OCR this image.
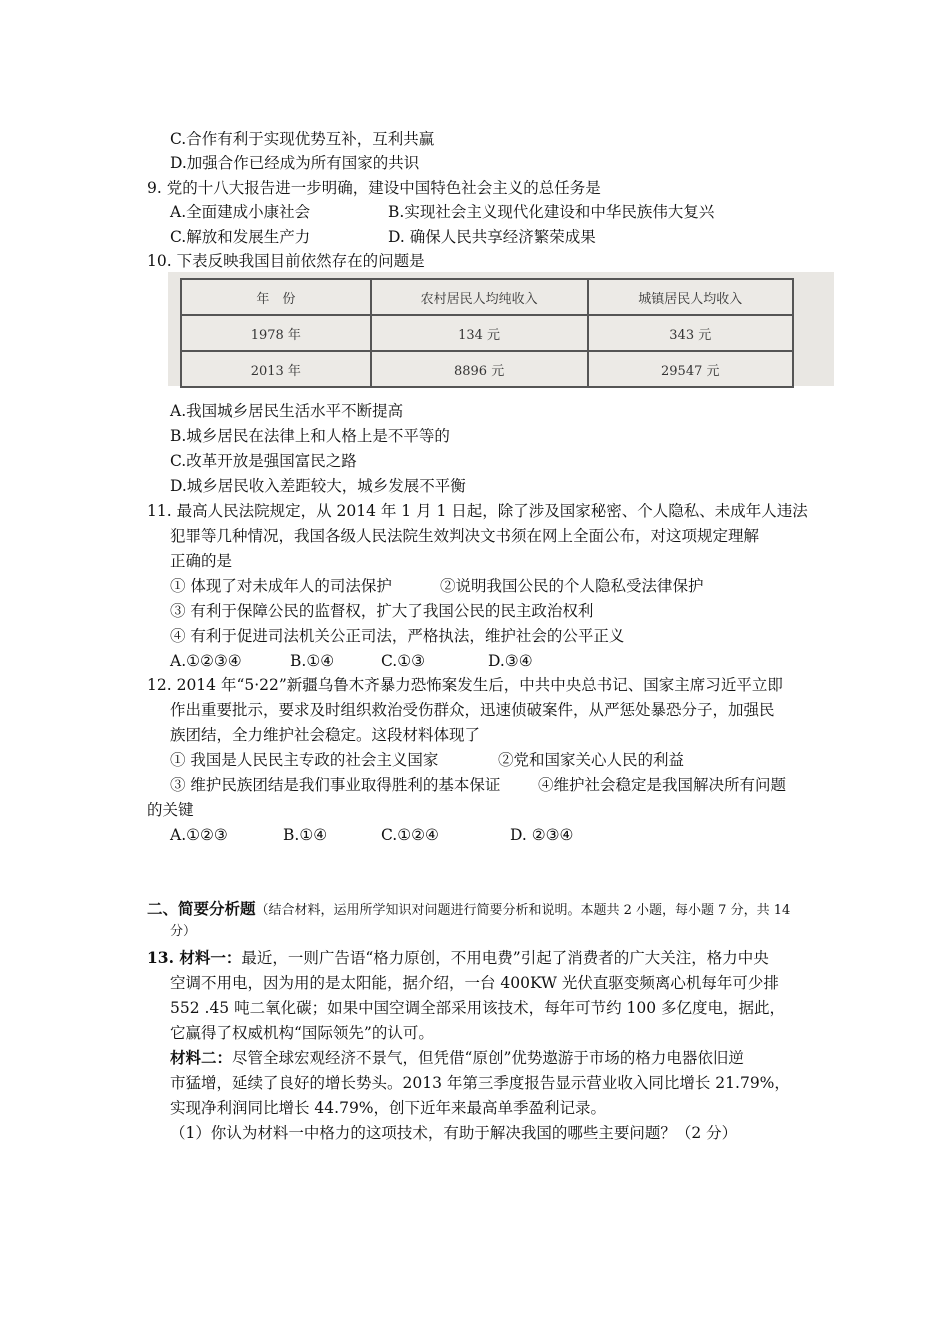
C.合作有利于实现优势互补，互利共赢
D.加强合作已经成为所有国家的共识
9. 党的十八大报告进一步明确，建设中国特色社会主义的总任务是
A.全面建成小康社会	B.实现社会主义现代化建设和中华民族伟大复兴
C.解放和发展生产力	D. 确保人民共享经济繁荣成果
10. 下表反映我国目前依然存在的问题是
年　份	农村居民人均纯收入	城镇居民人均收入
1978 年	134 元	343 元
2013 年	8896 元	29547 元
A.我国城乡居民生活水平不断提高
B.城乡居民在法律上和人格上是不平等的
C.改革开放是强国富民之路
D.城乡居民收入差距较大，城乡发展不平衡
11. 最高人民法院规定，从 2014 年 1 月 1 日起，除了涉及国家秘密、个人隐私、未成年人违法
犯罪等几种情况，我国各级人民法院生效判决文书须在网上全面公布，对这项规定理解
正确的是
① 体现了对未成年人的司法保护	②说明我国公民的个人隐私受法律保护
③ 有利于保障公民的监督权，扩大了我国公民的民主政治权利
④ 有利于促进司法机关公正司法，严格执法，维护社会的公平正义
A.①②③④	B.①④	C.①③	D.③④
12. 2014 年“5·22”新疆乌鲁木齐暴力恐怖案发生后，中共中央总书记、国家主席习近平立即
作出重要批示，要求及时组织救治受伤群众，迅速侦破案件，从严惩处暴恐分子，加强民
族团结，全力维护社会稳定。这段材料体现了
① 我国是人民民主专政的社会主义国家	②党和国家关心人民的利益
③ 维护民族团结是我们事业取得胜利的基本保证 ④维护社会稳定是我国解决所有问题
的关键
A.①②③	B.①④	C.①②④	D. ②③④
二、简要分析题（结合材料，运用所学知识对问题进行简要分析和说明。本题共 2 小题，每小题 7 分，共 14
分）
13. 材料一：最近，一则广告语“格力原创，不用电费”引起了消费者的广大关注，格力中央
空调不用电，因为用的是太阳能，据介绍，一台 400KW 光伏直驱变频离心机每年可少排
552 .45 吨二氧化碳；如果中国空调全部采用该技术，每年可节约 100 多亿度电，据此，
它赢得了权威机构“国际领先”的认可。
材料二：尽管全球宏观经济不景气，但凭借“原创”优势遨游于市场的格力电器依旧逆
市猛增，延续了良好的增长势头。2013 年第三季度报告显示营业收入同比增长 21.79%，
实现净利润同比增长 44.79%，创下近年来最高单季盈利记录。
（1）你认为材料一中格力的这项技术，有助于解决我国的哪些主要问题？（2 分）
